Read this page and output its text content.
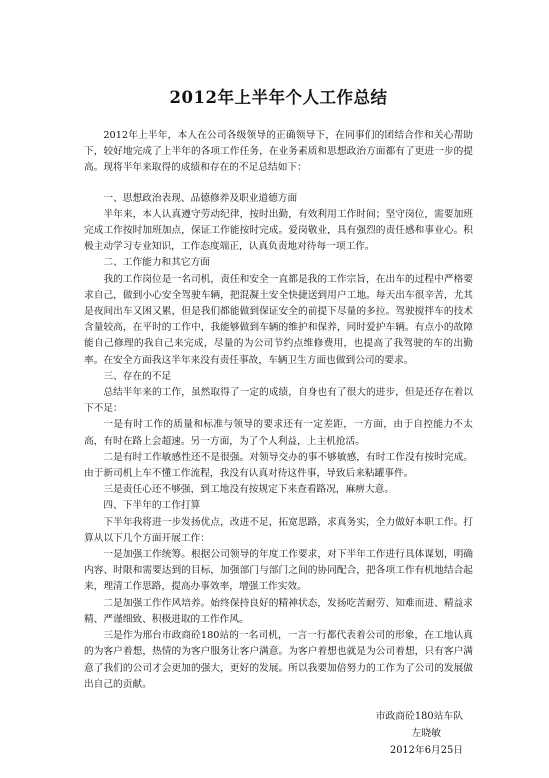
2012年上半年个人工作总结

2012年上半年，本人在公司各级领导的正确领导下，在同事们的团结合作和关心帮助下，较好地完成了上半年的各项工作任务，在业务素质和思想政治方面都有了更进一步的提高。现将半年来取得的成绩和存在的不足总结如下：

一、思想政治表现、品德修养及职业道德方面

半年来，本人认真遵守劳动纪律，按时出勤，有效利用工作时间；坚守岗位，需要加班完成工作按时加班加点，保证工作能按时完成。爱岗敬业，具有强烈的责任感和事业心。积极主动学习专业知识，工作态度端正，认真负责地对待每一项工作。

二、工作能力和其它方面

我的工作岗位是一名司机，责任和安全一直都是我的工作宗旨，在出车的过程中严格要求自己，做到小心安全驾驶车辆，把混凝土安全快捷送到用户工地。每天出车很辛苦，尤其是夜间出车又困又累，但是我们都能做到保证安全的前提下尽量的多拉。驾驶搅拌车的技术含量较高，在平时的工作中，我能够做到车辆的维护和保养，同时爱护车辆。有点小的故障能自己修理的我自己来完成，尽量的为公司节约点维修费用，也提高了我驾驶的车的出勤率。在安全方面我这半年来没有责任事故，车辆卫生方面也做到公司的要求。

三、存在的不足

总结半年来的工作，虽然取得了一定的成绩，自身也有了很大的进步，但是还存在着以下不足：

一是有时工作的质量和标准与领导的要求还有一定差距，一方面，由于自控能力不太高，有时在路上会超速。另一方面，为了个人利益，上主机抢活。

二是有时工作敏感性还不是很强。对领导交办的事不够敏感，有时工作没有按时完成。由于新司机上车不懂工作流程，我没有认真对待这件事，导致后来粘罐事件。

三是责任心还不够强，到工地没有按规定下来查看路况，麻痹大意。

四、下半年的工作打算

下半年我将进一步发扬优点，改进不足，拓宽思路，求真务实，全力做好本职工作。打算从以下几个方面开展工作：

一是加强工作统筹。根据公司领导的年度工作要求，对下半年工作进行具体谋划，明确内容、时限和需要达到的目标，加强部门与部门之间的协同配合，把各项工作有机地结合起来，理清工作思路，提高办事效率，增强工作实效。

二是加强工作作风培养。始终保持良好的精神状态，发扬吃苦耐劳、知难而进、精益求精、严谨细致、积极进取的工作作风。

三是作为邢台市政商砼180站的一名司机，一言一行都代表着公司的形象，在工地认真的为客户着想，热情的为客户服务让客户满意。为客户着想也就是为公司着想，只有客户满意了我们的公司才会更加的强大，更好的发展。所以我要加倍努力的工作为了公司的发展做出自己的贡献。

市政商砼180站车队
左晓敏
2012年6月25日
